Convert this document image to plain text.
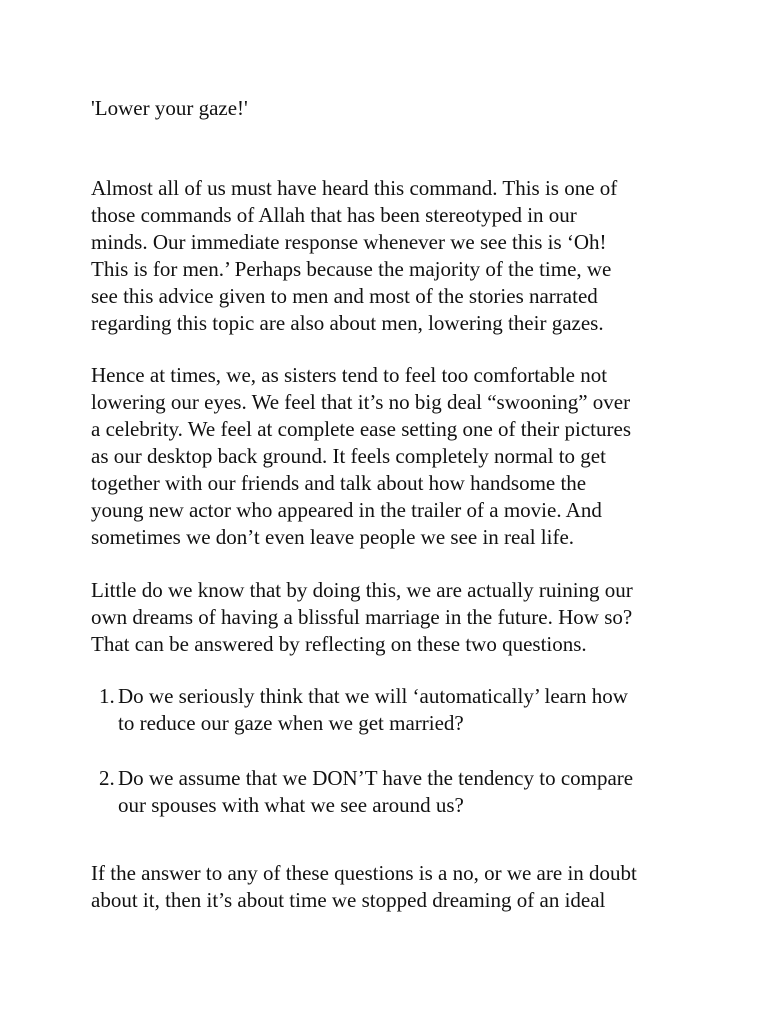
'Lower your gaze!'
Almost all of us must have heard this command. This is one of
those commands of Allah that has been stereotyped in our
minds. Our immediate response whenever we see this is ‘Oh!
This is for men.’ Perhaps because the majority of the time, we
see this advice given to men and most of the stories narrated
regarding this topic are also about men, lowering their gazes.
Hence at times, we, as sisters tend to feel too comfortable not
lowering our eyes. We feel that it’s no big deal “swooning” over
a celebrity. We feel at complete ease setting one of their pictures
as our desktop back ground. It feels completely normal to get
together with our friends and talk about how handsome the
young new actor who appeared in the trailer of a movie. And
sometimes we don’t even leave people we see in real life.
Little do we know that by doing this, we are actually ruining our
own dreams of having a blissful marriage in the future. How so?
That can be answered by reflecting on these two questions.
1. Do we seriously think that we will ‘automatically’ learn how
to reduce our gaze when we get married?
2. Do we assume that we DON’T have the tendency to compare
our spouses with what we see around us?
If the answer to any of these questions is a no, or we are in doubt
about it, then it’s about time we stopped dreaming of an ideal
